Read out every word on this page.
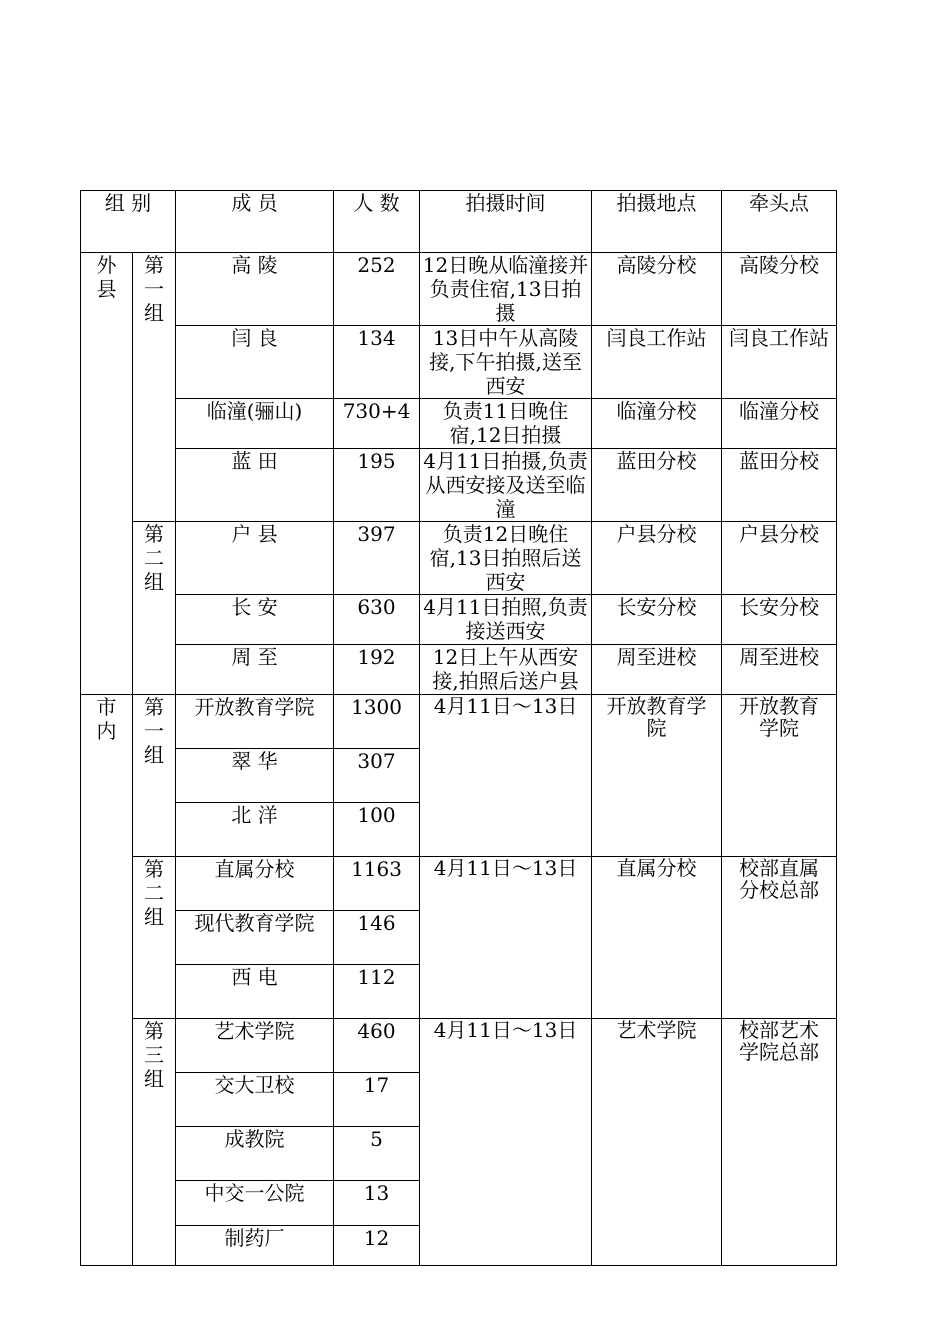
组 别		成 员	人 数	拍摄时间	拍摄地点	牵头点
外县	第一组	高 陵	252	12日晚从临潼接并负责住宿,13日拍摄	高陵分校	高陵分校
		闫 良	134	13日中午从高陵接,下午拍摄,送至西安	闫良工作站	闫良工作站
		临潼(骊山)	730+4	负责11日晚住宿,12日拍摄	临潼分校	临潼分校
		蓝 田	195	4月11日拍摄,负责从西安接及送至临潼	蓝田分校	蓝田分校
	第二组	户 县	397	负责12日晚住宿,13日拍照后送西安	户县分校	户县分校
		长 安	630	4月11日拍照,负责接送西安	长安分校	长安分校
		周 至	192	12日上午从西安接,拍照后送户县	周至进校	周至进校
市内	第一组	开放教育学院	1300	4月11日～13日	开放教育学院	开放教育学院
		翠 华	307			
		北 洋	100			
	第二组	直属分校	1163	4月11日～13日	直属分校	校部直属分校总部
		现代教育学院	146			
		西 电	112			
	第三组	艺术学院	460	4月11日～13日	艺术学院	校部艺术学院总部
		交大卫校	17			
		成教院	5			
		中交一公院	13			
		制药厂	12			
